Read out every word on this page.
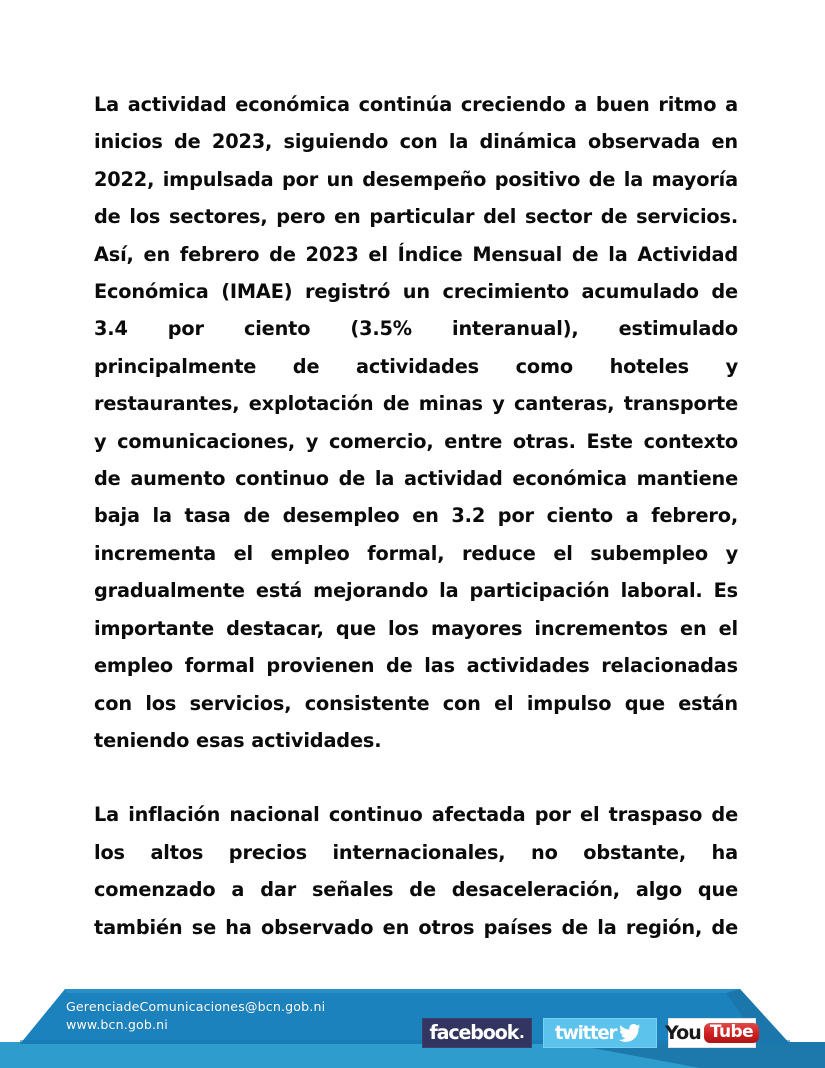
La actividad económica continúa creciendo a buen ritmo a inicios de 2023, siguiendo con la dinámica observada en 2022, impulsada por un desempeño positivo de la mayoría de los sectores, pero en particular del sector de servicios. Así, en febrero de 2023 el Índice Mensual de la Actividad Económica (IMAE) registró un crecimiento acumulado de 3.4 por ciento (3.5% interanual), estimulado principalmente de actividades como hoteles y restaurantes, explotación de minas y canteras, transporte y comunicaciones, y comercio, entre otras. Este contexto de aumento continuo de la actividad económica mantiene baja la tasa de desempleo en 3.2 por ciento a febrero, incrementa el empleo formal, reduce el subempleo y gradualmente está mejorando la participación laboral. Es importante destacar, que los mayores incrementos en el empleo formal provienen de las actividades relacionadas con los servicios, consistente con el impulso que están teniendo esas actividades.

La inflación nacional continuo afectada por el traspaso de los altos precios internacionales, no obstante, ha comenzado a dar señales de desaceleración, algo que también se ha observado en otros países de la región, de

GerenciadeComunicaciones@bcn.gob.ni
www.bcn.gob.ni	facebook . twitter	You Tube
